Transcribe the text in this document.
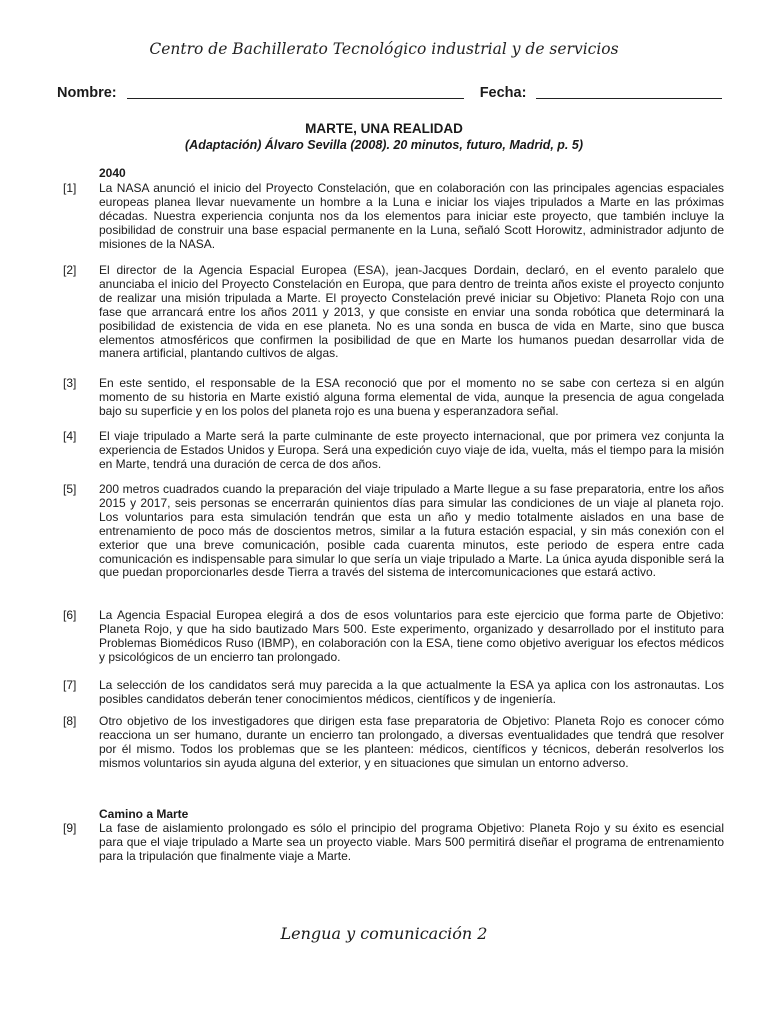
Centro de Bachillerato Tecnológico industrial y de servicios
Nombre:	Fecha:
MARTE, UNA REALIDAD
(Adaptación) Álvaro Sevilla (2008). 20 minutos, futuro, Madrid, p. 5)
2040
[1] La NASA anunció el inicio del Proyecto Constelación, que en colaboración con las principales agencias espaciales europeas planea llevar nuevamente un hombre a la Luna e iniciar los viajes tripulados a Marte en las próximas décadas. Nuestra experiencia conjunta nos da los elementos para iniciar este proyecto, que también incluye la posibilidad de construir una base espacial permanente en la Luna, señaló Scott Horowitz, administrador adjunto de misiones de la NASA.
[2] El director de la Agencia Espacial Europea (ESA), jean-Jacques Dordain, declaró, en el evento paralelo que anunciaba el inicio del Proyecto Constelación en Europa, que para dentro de treinta años existe el proyecto conjunto de realizar una misión tripulada a Marte. El proyecto Constelación prevé iniciar su Objetivo: Planeta Rojo con una fase que arrancará entre los años 2011 y 2013, y que consiste en enviar una sonda robótica que determinará la posibilidad de existencia de vida en ese planeta. No es una sonda en busca de vida en Marte, sino que busca elementos atmosféricos que confirmen la posibilidad de que en Marte los humanos puedan desarrollar vida de manera artificial, plantando cultivos de algas.
[3] En este sentido, el responsable de la ESA reconoció que por el momento no se sabe con certeza si en algún momento de su historia en Marte existió alguna forma elemental de vida, aunque la presencia de agua congelada bajo su superficie y en los polos del planeta rojo es una buena y esperanzadora señal.
[4] El viaje tripulado a Marte será la parte culminante de este proyecto internacional, que por primera vez conjunta la experiencia de Estados Unidos y Europa. Será una expedición cuyo viaje de ida, vuelta, más el tiempo para la misión en Marte, tendrá una duración de cerca de dos años.
[5] 200 metros cuadrados cuando la preparación del viaje tripulado a Marte llegue a su fase preparatoria, entre los años 2015 y 2017, seis personas se encerrarán quinientos días para simular las condiciones de un viaje al planeta rojo. Los voluntarios para esta simulación tendrán que esta un año y medio totalmente aislados en una base de entrenamiento de poco más de doscientos metros, similar a la futura estación espacial, y sin más conexión con el exterior que una breve comunicación, posible cada cuarenta minutos, este periodo de espera entre cada comunicación es indispensable para simular lo que sería un viaje tripulado a Marte. La única ayuda disponible será la que puedan proporcionarles desde Tierra a través del sistema de intercomunicaciones que estará activo.
[6] La Agencia Espacial Europea elegirá a dos de esos voluntarios para este ejercicio que forma parte de Objetivo: Planeta Rojo, y que ha sido bautizado Mars 500. Este experimento, organizado y desarrollado por el instituto para Problemas Biomédicos Ruso (IBMP), en colaboración con la ESA, tiene como objetivo averiguar los efectos médicos y psicológicos de un encierro tan prolongado.
[7] La selección de los candidatos será muy parecida a la que actualmente la ESA ya aplica con los astronautas. Los posibles candidatos deberán tener conocimientos médicos, científicos y de ingeniería.
[8] Otro objetivo de los investigadores que dirigen esta fase preparatoria de Objetivo: Planeta Rojo es conocer cómo reacciona un ser humano, durante un encierro tan prolongado, a diversas eventualidades que tendrá que resolver por él mismo. Todos los problemas que se les planteen: médicos, científicos y técnicos, deberán resolverlos los mismos voluntarios sin ayuda alguna del exterior, y en situaciones que simulan un entorno adverso.
Camino a Marte
[9] La fase de aislamiento prolongado es sólo el principio del programa Objetivo: Planeta Rojo y su éxito es esencial para que el viaje tripulado a Marte sea un proyecto viable. Mars 500 permitirá diseñar el programa de entrenamiento para la tripulación que finalmente viaje a Marte.
Lengua y comunicación 2
